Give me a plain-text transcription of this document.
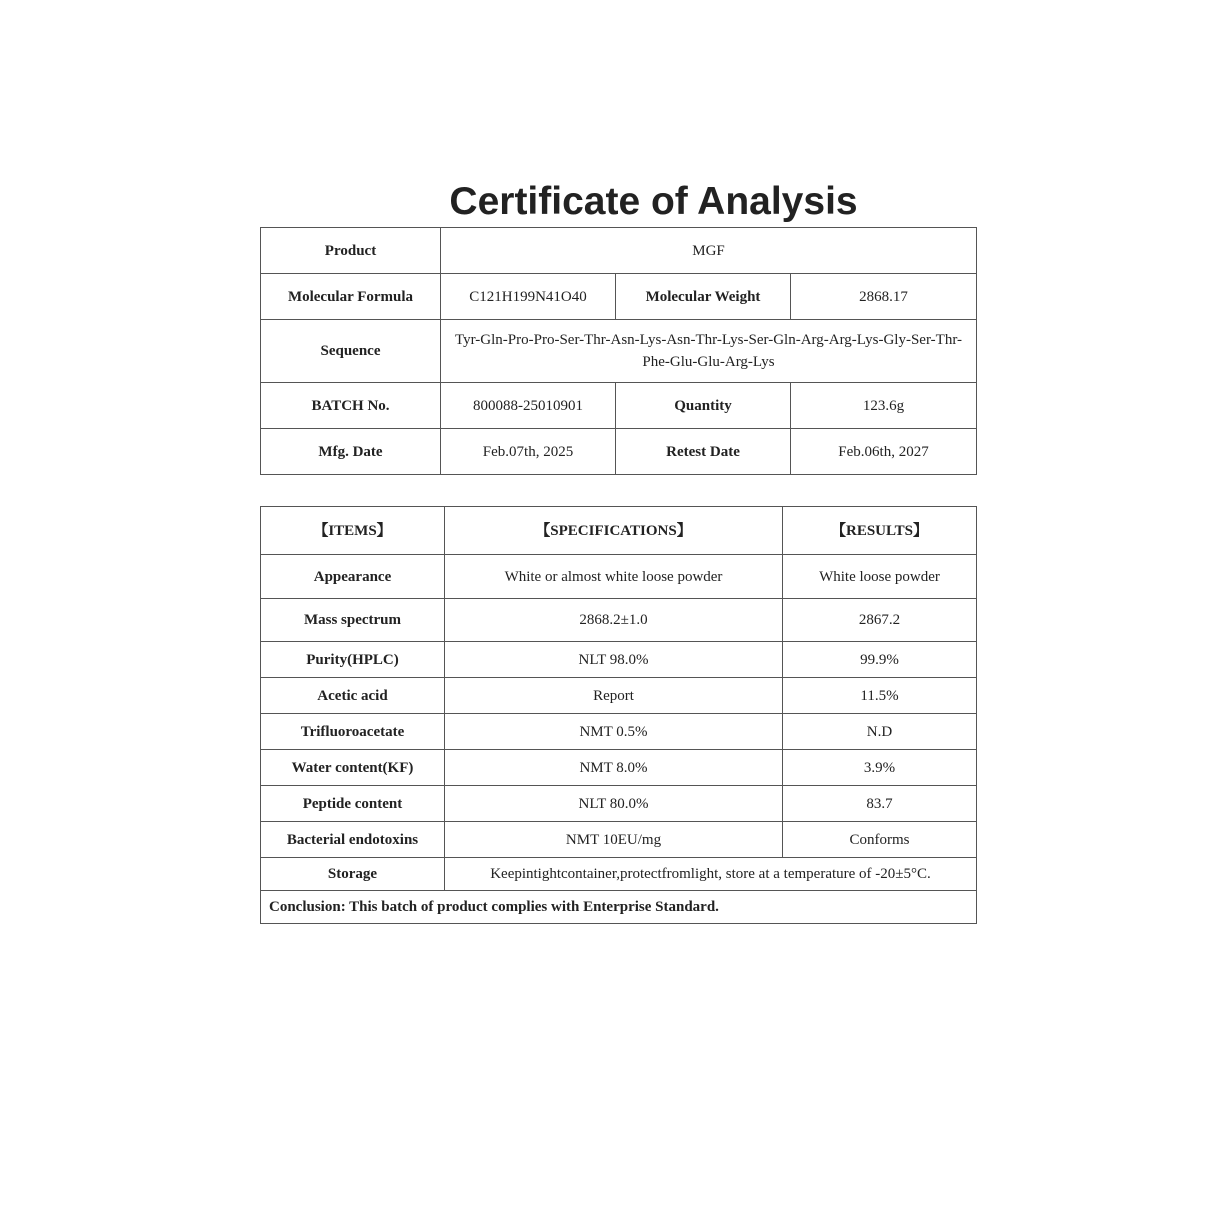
Certificate of Analysis
Product	MGF		
Molecular Formula	C121H199N41O40	Molecular Weight	2868.17
Sequence	Tyr-Gln-Pro-Pro-Ser-Thr-Asn-Lys-Asn-Thr-Lys-Ser-Gln-Arg-Arg-Lys-Gly-Ser-Thr-Phe-Glu-Glu-Arg-Lys		
BATCH No.	800088-25010901	Quantity	123.6g
Mfg. Date	Feb.07th, 2025	Retest Date	Feb.06th, 2027
【ITEMS】	【SPECIFICATIONS】	【RESULTS】
Appearance	White or almost white loose powder	White loose powder
Mass spectrum	2868.2±1.0	2867.2
Purity(HPLC)	NLT 98.0%	99.9%
Acetic acid	Report	11.5%
Trifluoroacetate	NMT 0.5%	N.D
Water content(KF)	NMT 8.0%	3.9%
Peptide content	NLT 80.0%	83.7
Bacterial endotoxins	NMT 10EU/mg	Conforms
Storage	Keepintightcontainer,protectfromlight, store at a temperature of -20±5°C.	
Conclusion: This batch of product complies with Enterprise Standard.		
